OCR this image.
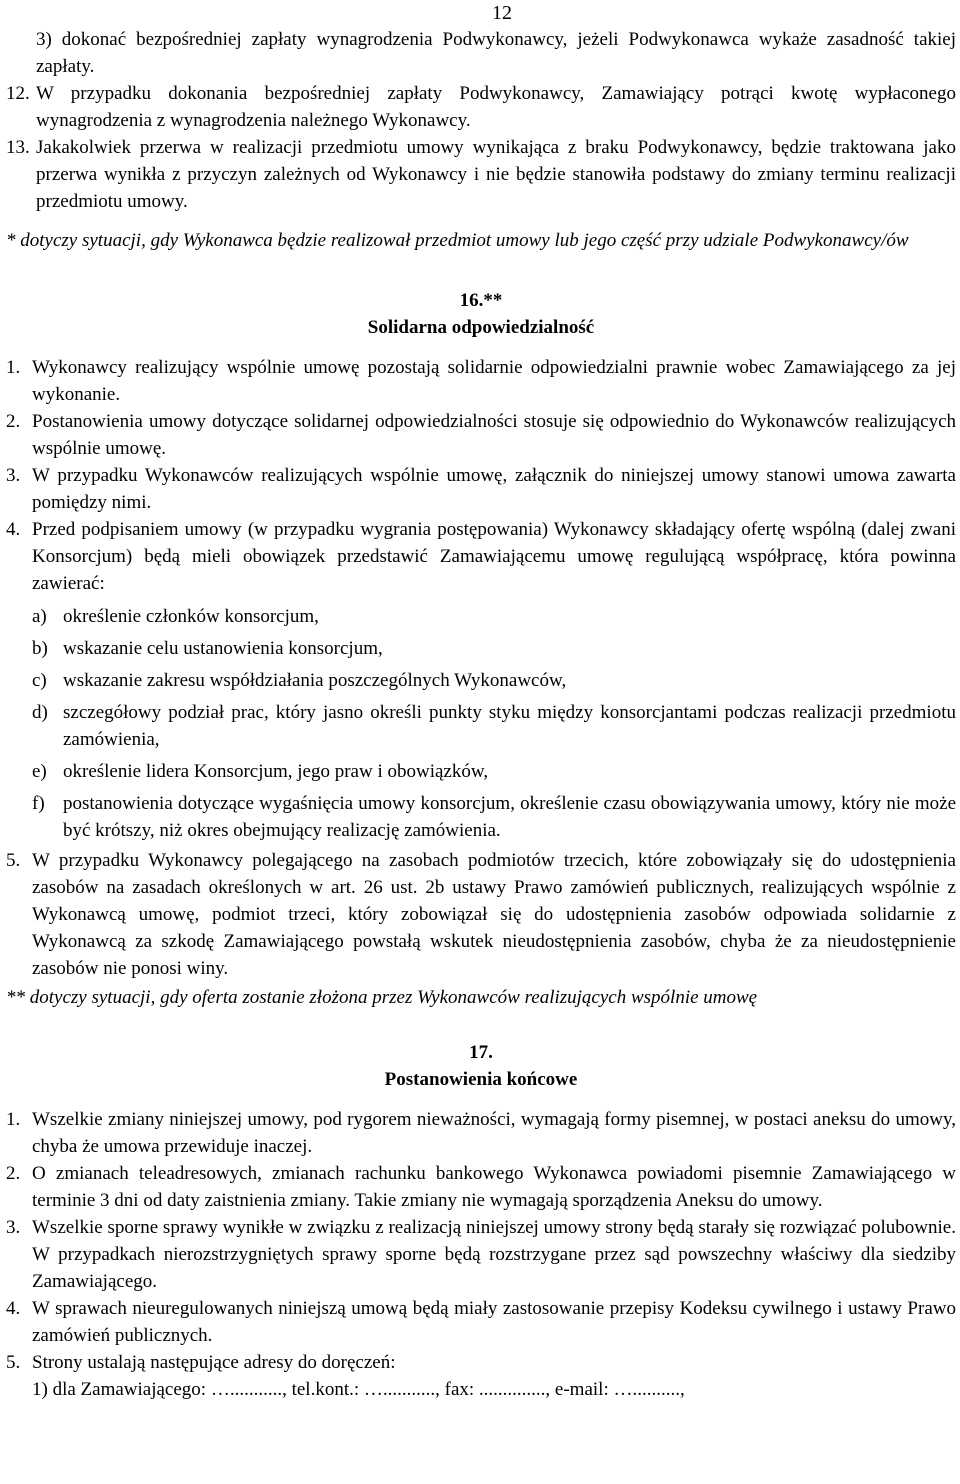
12
3) dokonać bezpośredniej zapłaty wynagrodzenia Podwykonawcy, jeżeli Podwykonawca wykaże zasadność takiej zapłaty.
12. W przypadku dokonania bezpośredniej zapłaty Podwykonawcy, Zamawiający potrąci kwotę wypłaconego wynagrodzenia z wynagrodzenia należnego Wykonawcy.
13. Jakakolwiek przerwa w realizacji przedmiotu umowy wynikająca z braku Podwykonawcy, będzie traktowana jako przerwa wynikła z przyczyn zależnych od Wykonawcy i nie będzie stanowiła podstawy do zmiany terminu realizacji przedmiotu umowy.
* dotyczy sytuacji, gdy Wykonawca będzie realizował przedmiot umowy lub jego część przy udziale Podwykonawcy/ów
16.**
Solidarna odpowiedzialność
1. Wykonawcy realizujący wspólnie umowę pozostają solidarnie odpowiedzialni prawnie wobec Zamawiającego za jej wykonanie.
2. Postanowienia umowy dotyczące solidarnej odpowiedzialności stosuje się odpowiednio do Wykonawców realizujących wspólnie umowę.
3. W przypadku Wykonawców realizujących wspólnie umowę, załącznik do niniejszej umowy stanowi umowa zawarta pomiędzy nimi.
4. Przed podpisaniem umowy (w przypadku wygrania postępowania) Wykonawcy składający ofertę wspólną (dalej zwani Konsorcjum) będą mieli obowiązek przedstawić Zamawiającemu umowę regulującą współpracę, która powinna zawierać:
a) określenie członków konsorcjum,
b) wskazanie celu ustanowienia konsorcjum,
c) wskazanie zakresu współdziałania poszczególnych Wykonawców,
d) szczegółowy podział prac, który jasno określi punkty styku między konsorcjantami podczas realizacji przedmiotu zamówienia,
e) określenie lidera Konsorcjum, jego praw i obowiązków,
f) postanowienia dotyczące wygaśnięcia umowy konsorcjum, określenie czasu obowiązywania umowy, który nie może być krótszy, niż okres obejmujący realizację zamówienia.
5. W przypadku Wykonawcy polegającego na zasobach podmiotów trzecich, które zobowiązały się do udostępnienia zasobów na zasadach określonych w art. 26 ust. 2b ustawy Prawo zamówień publicznych, realizujących wspólnie z Wykonawcą umowę, podmiot trzeci, który zobowiązał się do udostępnienia zasobów odpowiada solidarnie z Wykonawcą za szkodę Zamawiającego powstałą wskutek nieudostępnienia zasobów, chyba że za nieudostępnienie zasobów nie ponosi winy.
** dotyczy sytuacji, gdy oferta zostanie złożona przez Wykonawców realizujących wspólnie umowę
17.
Postanowienia końcowe
1. Wszelkie zmiany niniejszej umowy, pod rygorem nieważności, wymagają formy pisemnej, w postaci aneksu do umowy, chyba że umowa przewiduje inaczej.
2. O zmianach teleadresowych, zmianach rachunku bankowego Wykonawca powiadomi pisemnie Zamawiającego w terminie 3 dni od daty zaistnienia zmiany. Takie zmiany nie wymagają sporządzenia Aneksu do umowy.
3. Wszelkie sporne sprawy wynikłe w związku z realizacją niniejszej umowy strony będą starały się rozwiązać polubownie. W przypadkach nierozstrzygniętych sprawy sporne będą rozstrzygane przez sąd powszechny właściwy dla siedziby Zamawiającego.
4. W sprawach nieuregulowanych niniejszą umową będą miały zastosowanie przepisy Kodeksu cywilnego i ustawy Prawo zamówień publicznych.
5. Strony ustalają następujące adresy do doręczeń:
1) dla Zamawiającego: …..........., tel.kont.: …..........., fax: .............., e-mail: …..........,
